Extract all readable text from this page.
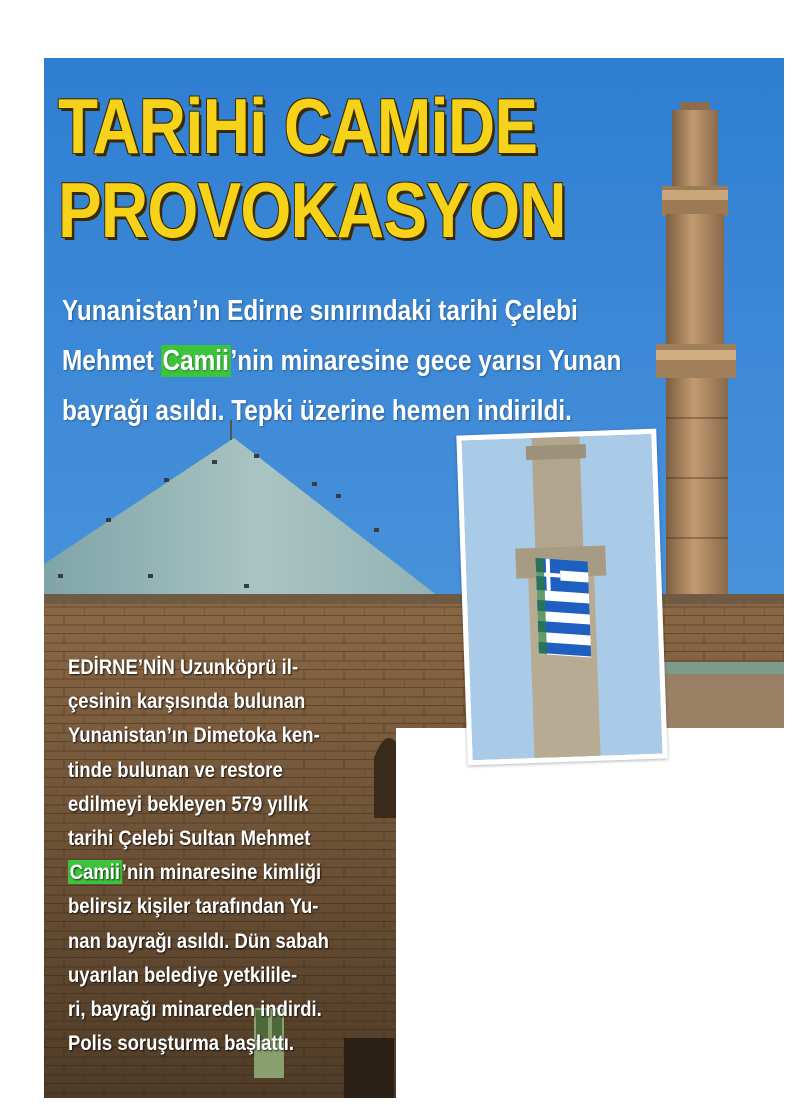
TARiHi CAMiDE
PROVOKASYON

Yunanistan’ın Edirne sınırındaki tarihi Çelebi
Mehmet Camii’nin minaresine gece yarısı Yunan
bayrağı asıldı. Tepki üzerine hemen indirildi.

EDİRNE’NİN Uzunköprü il-
çesinin karşısında bulunan
Yunanistan’ın Dimetoka ken-
tinde bulunan ve restore
edilmeyi bekleyen 579 yıllık
tarihi Çelebi Sultan Mehmet
Camii’nin minaresine kimliği
belirsiz kişiler tarafından Yu-
nan bayrağı asıldı. Dün sabah
uyarılan belediye yetkilile-
ri, bayrağı minareden indirdi.
Polis soruşturma başlattı.
